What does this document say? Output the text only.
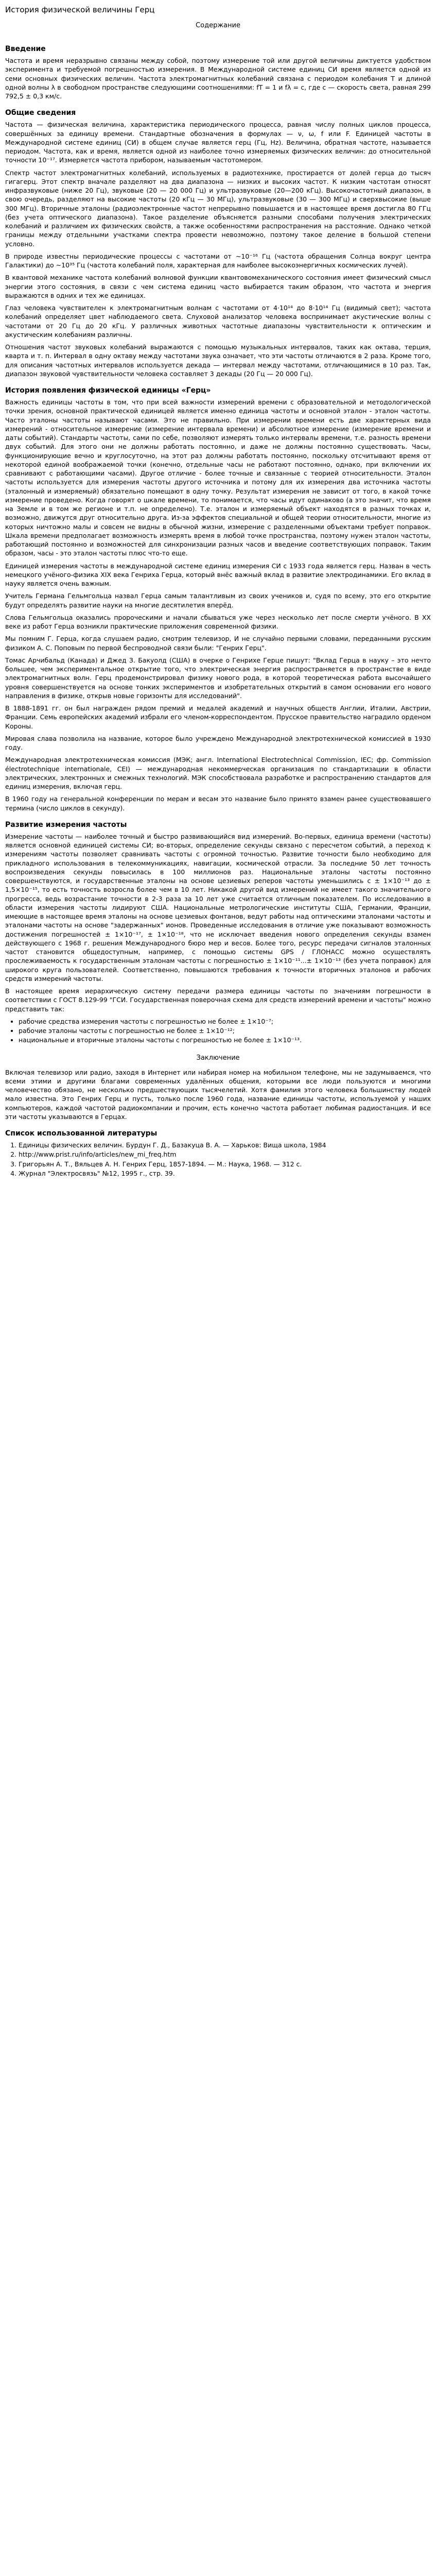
История физической величины Герц
Содержание
Введение

Частота и время неразрывно связаны между собой, поэтому измерение той или другой величины диктуется удобством эксперимента и требуемой погрешностью измерения. В Международной системе единиц СИ время является одной из семи основных физических величин. Частота электромагнитных колебаний связана с периодом колебания T и длиной одной волны λ в свободном пространстве следующими соотношениями: fT = 1 и fλ = c, где c — скорость света, равная 299 792,5 ± 0,3 км/с.

Общие сведения

Частота — физическая величина, характеристика периодического процесса, равная числу полных циклов процесса, совершённых за единицу времени. Стандартные обозначения в формулах — ν, ω, f или F. Единицей частоты в Международной системе единиц (СИ) в общем случае является герц (Гц, Hz). Величина, обратная частоте, называется периодом. Частота, как и время, является одной из наиболее точно измеряемых физических величин: до относительной точности 10⁻¹⁷. Измеряется частота прибором, называемым частотомером.

Спектр частот электромагнитных колебаний, используемых в радиотехнике, простирается от долей герца до тысяч гигагерц. Этот спектр вначале разделяют на два диапазона — низких и высоких частот. К низким частотам относят инфразвуковые (ниже 20 Гц), звуковые (20 — 20 000 Гц) и ультразвуковые (20—200 кГц). Высокочастотный диапазон, в свою очередь, разделяют на высокие частоты (20 кГц — 30 МГц), ультразвуковые (30 — 300 МГц) и сверхвысокие (выше 300 МГц). Вторичные эталоны (радиоэлектронные частот непрерывно повышается и в настоящее время достигла 80 ГГц (без учета оптического диапазона). Такое разделение объясняется разными способами получения электрических колебаний и различием их физических свойств, а также особенностями распространения на расстояние. Однако четкой границы между отдельными участками спектра провести невозможно, поэтому такое деление в большой степени условно.

В природе известны периодические процессы с частотами от ~10⁻¹⁶ Гц (частота обращения Солнца вокруг центра Галактики) до ~10³⁵ Гц (частота колебаний поля, характерная для наиболее высокоэнергичных космических лучей).

В квантовой механике частота колебаний волновой функции квантовомеханического состояния имеет физический смысл энергии этого состояния, в связи с чем система единиц часто выбирается таким образом, что частота и энергия выражаются в одних и тех же единицах.

Глаз человека чувствителен к электромагнитным волнам с частотами от 4·10¹⁴ до 8·10¹⁴ Гц (видимый свет); частота колебаний определяет цвет наблюдаемого света. Слуховой анализатор человека воспринимает акустические волны с частотами от 20 Гц до 20 кГц. У различных животных частотные диапазоны чувствительности к оптическим и акустическим колебаниям различны.

Отношения частот звуковых колебаний выражаются с помощью музыкальных интервалов, таких как октава, терция, кварта и т. п. Интервал в одну октаву между частотами звука означает, что эти частоты отличаются в 2 раза. Кроме того, для описания частотных интервалов используется декада — интервал между частотами, отличающимися в 10 раз. Так, диапазон звуковой чувствительности человека составляет 3 декады (20 Гц — 20 000 Гц).

История появления физической единицы «Герц»

Важность единицы частоты в том, что при всей важности измерений времени с образовательной и методологической точки зрения, основной практической единицей является именно единица частоты и основной эталон - эталон частоты. Часто эталоны частоты называют часами. Это не правильно. При измерении времени есть две характерных вида измерений - относительное измерение (измерение интервала времени) и абсолютное измерение (измерение времени и даты событий). Стандарты частоты, сами по себе, позволяют измерять только интервалы времени, т.е. разность времени двух событий. Для этого они не должны работать постоянно, и даже не должны постоянно существовать. Часы, функционирующие вечно и круглосуточно, на этот раз должны работать постоянно, поскольку отсчитывают время от некоторой единой воображаемой точки (конечно, отдельные часы не работают постоянно, однако, при включении их сравнивают с работающими часами). Другое отличие - более точные и связанные с теорией относительности. Эталон частоты используется для измерения частоты другого источника и потому для их измерения два источника частоты (эталонный и измеряемый) обязательно помещают в одну точку. Результат измерения не зависит от того, в какой точке измерение проведено. Когда говорят о шкале времени, то понимается, что часы идут одинаково (а это значит, что время на Земле и в том же регионе и т.п. не определено). Т.е. эталон и измеряемый объект находятся в разных точках и, возможно, движутся друг относительно друга. Из-за эффектов специальной и общей теории относительности, многие из которых ничтожно малы и совсем не видны в обычной жизни, измерение с разделенными объектами требует поправок. Шкала времени предполагает возможность измерять время в любой точке пространства, поэтому нужен эталон частоты, работающий постоянно и возможностей для синхронизации разных часов и введение соответствующих поправок. Таким образом, часы - это эталон частоты плюс что-то еще.

Единицей измерения частоты в международной системе единиц измерения СИ с 1933 года является герц. Назван в честь немецкого учёного-физика XIX века Генриха Герца, который внёс важный вклад в развитие электродинамики. Его вклад в науку является очень важным.

Учитель Германа Гельмгольца назвал Герца самым талантливым из своих учеников и, судя по всему, это его открытие будут определять развитие науки на многие десятилетия вперёд.

Слова Гельмгольца оказались пророческими и начали сбываться уже через несколько лет после смерти учёного. В XX веке из работ Герца возникли практические приложения современной физики.

Мы помним Г. Герца, когда слушаем радио, смотрим телевизор, И не случайно первыми словами, переданными русским физиком А. С. Поповым по первой беспроводной связи были: "Генрих Герц".

Томас Арчибальд (Канада) и Джед З. Бакуолд (США) в очерке о Генрихе Герце пишут: "Вклад Герца в науку – это нечто большее, чем экспериментальное открытие того, что электрическая энергия распространяется в пространстве в виде электромагнитных волн. Герц продемонстрировал физику нового рода, в которой теоретическая работа высочайшего уровня совершенствуется на основе тонких экспериментов и изобретательных открытий в самом основании его нового направления в физике, открыв новые горизонты для исследований".

В 1888-1891 гг. он был награжден рядом премий и медалей академий и научных обществ Англии, Италии, Австрии, Франции. Семь европейских академий избрали его членом-корреспондентом. Прусское правительство наградило орденом Короны.

Мировая слава позволила на название, которое было учреждено Международной электротехнической комиссией в 1930 году.

Международная электротехническая комиссия (МЭК; англ. International Electrotechnical Commission, IEC; фр. Commission électrotechnique internationale, CEI) — международная некоммерческая организация по стандартизации в области электрических, электронных и смежных технологий. МЭК способствовала разработке и распространению стандартов для единиц измерения, включая герц.

В 1960 году на генеральной конференции по мерам и весам это название было принято взамен ранее существовавшего термина (число циклов в секунду).

Развитие измерения частоты

Измерение частоты — наиболее точный и быстро развивающийся вид измерений. Во-первых, единица времени (частоты) является основной единицей системы СИ; во-вторых, определение секунды связано с пересчетом событий, а переход к измерениям частоты позволяет сравнивать частоты с огромной точностью. Развитие точности было необходимо для прикладного использования в телекоммуникациях, навигации, космической отрасли. За последние 50 лет точность воспроизведения секунды повысилась в 100 миллионов раз. Национальные эталоны частоты постоянно совершенствуются, и государственные эталоны на основе цезиевых реперов частоты уменьшились с ± 1×10⁻¹³ до ± 1,5×10⁻¹⁵, то есть точность возросла более чем в 10 лет. Никакой другой вид измерений не имеет такого значительного прогресса, ведь возрастание точности в 2-3 раза за 10 лет уже считается отличным показателем. По исследованию в области измерения частоты лидируют США. Национальные метрологические институты США, Германии, Франции, имеющие в настоящее время эталоны на основе цезиевых фонтанов, ведут работы над оптическими эталонами частоты и эталонами частоты на основе "задержанных" ионов. Проведенные исследования в отличие уже показывают возможность достижения погрешностей ± 1×10⁻¹⁷, ± 1×10⁻¹⁸, что не исключает введения нового определения секунды взамен действующего с 1968 г. решения Международного бюро мер и весов. Более того, ресурс передачи сигналов эталонных частот становится общедоступным, например, с помощью системы GPS / ГЛОНАСС можно осуществлять прослеживаемость к государственным эталонам частоты с погрешностью ± 1×10⁻¹¹...± 1×10⁻¹³ (без учета поправок) для широкого круга пользователей. Соответственно, повышаются требования к точности вторичных эталонов и рабочих средств измерений частоты.

В настоящее время иерархическую систему передачи размера единицы частоты по значениям погрешности в соответствии с ГОСТ 8.129-99 "ГСИ. Государственная поверочная схема для средств измерений времени и частоты" можно представить так:

• рабочие средства измерения частоты с погрешностью не более ± 1×10⁻⁷;
• рабочие эталоны частоты с погрешностью не более ± 1×10⁻¹²;
• национальные и вторичные эталоны частоты с погрешностью не более ± 1×10⁻¹³.
Заключение

Включая телевизор или радио, заходя в Интернет или набирая номер на мобильном телефоне, мы не задумываемся, что всеми этими и другими благами современных удалённых общения, которыми все люди пользуются и многими человечество обязано, не несколько предшествующих тысячелетий. Хотя фамилия этого человека большинству людей мало известна. Это Генрих Герц и пусть, только после 1960 года, название единицы частоты, используемой у наших компьютеров, каждой частотой радиокомпании и прочим, есть конечно частота работает любимая радиостанция. И все эти частоты указываются в Герцах.

Список использованной литературы
1. Единицы физических величин. Бурдун Г. Д., Базакуца В. А. — Харьков: Вища школа, 1984
2. http://www.prist.ru/info/articles/new_mi_freq.htm
3. Григорьян А. Т., Вяльцев А. Н. Генрих Герц, 1857-1894. — М.: Наука, 1968. — 312 с.
4. Журнал "Электросвязь" №12, 1995 г., стр. 39.
